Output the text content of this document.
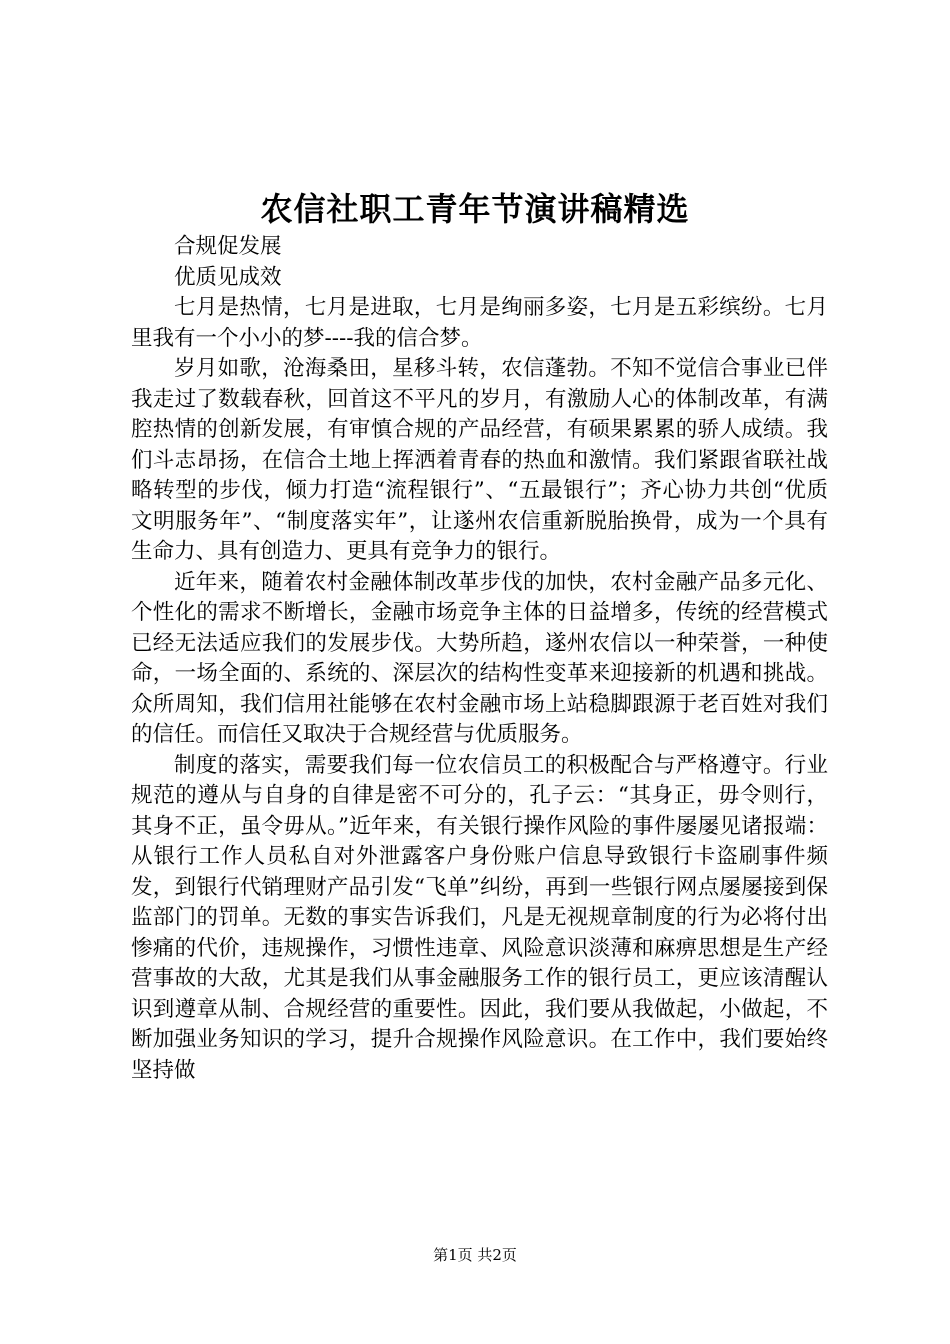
农信社职工青年节演讲稿精选

合规促发展

优质见成效

七月是热情，七月是进取，七月是绚丽多姿，七月是五彩缤纷。七月里我有一个小小的梦----我的信合梦。

岁月如歌，沧海桑田，星移斗转，农信蓬勃。不知不觉信合事业已伴我走过了数载春秋，回首这不平凡的岁月，有激励人心的体制改革，有满腔热情的创新发展，有审慎合规的产品经营，有硕果累累的骄人成绩。我们斗志昂扬，在信合土地上挥洒着青春的热血和激情。我们紧跟省联社战略转型的步伐，倾力打造“流程银行”、“五最银行”；齐心协力共创“优质文明服务年”、“制度落实年”，让遂州农信重新脱胎换骨，成为一个具有生命力、具有创造力、更具有竞争力的银行。

近年来，随着农村金融体制改革步伐的加快，农村金融产品多元化、个性化的需求不断增长，金融市场竞争主体的日益增多，传统的经营模式已经无法适应我们的发展步伐。大势所趋，遂州农信以一种荣誉，一种使命，一场全面的、系统的、深层次的结构性变革来迎接新的机遇和挑战。众所周知，我们信用社能够在农村金融市场上站稳脚跟源于老百姓对我们的信任。而信任又取决于合规经营与优质服务。

制度的落实，需要我们每一位农信员工的积极配合与严格遵守。行业规范的遵从与自身的自律是密不可分的，孔子云：“其身正，毋令则行，其身不正，虽令毋从。”近年来，有关银行操作风险的事件屡屡见诸报端：从银行工作人员私自对外泄露客户身份账户信息导致银行卡盗刷事件频发，到银行代销理财产品引发“飞单”纠纷，再到一些银行网点屡屡接到保监部门的罚单。无数的事实告诉我们，凡是无视规章制度的行为必将付出惨痛的代价，违规操作，习惯性违章、风险意识淡薄和麻痹思想是生产经营事故的大敌，尤其是我们从事金融服务工作的银行员工，更应该清醒认识到遵章从制、合规经营的重要性。因此，我们要从我做起，小做起，不断加强业务知识的学习，提升合规操作风险意识。在工作中，我们要始终坚持做

第1页 共2页
